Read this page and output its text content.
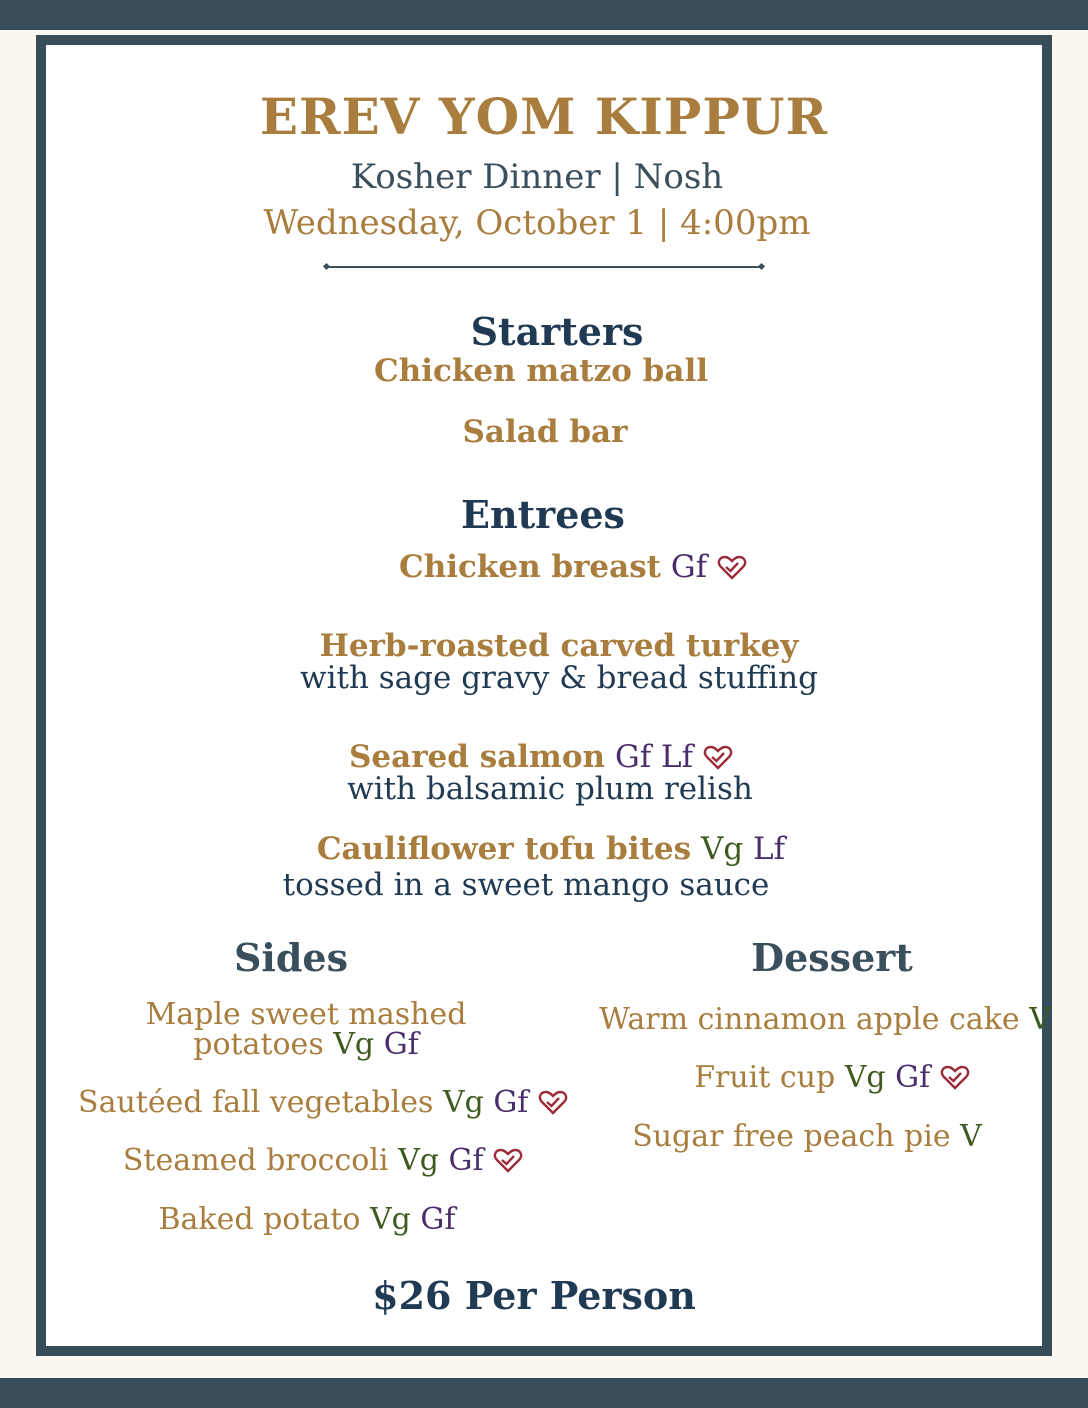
EREV YOM KIPPUR
Kosher Dinner | Nosh
Wednesday, October 1 | 4:00pm
Starters
Chicken matzo ball
Salad bar
Entrees
Chicken breast Gf
Herb-roasted carved turkey
with sage gravy & bread stuffing
Seared salmon Gf Lf
with balsamic plum relish
Cauliflower tofu bites Vg Lf
tossed in a sweet mango sauce
Sides
Maple sweet mashed
potatoes Vg Gf
Sautéed fall vegetables Vg Gf
Steamed broccoli Vg Gf
Baked potato Vg Gf
Dessert
Warm cinnamon apple cake V
Fruit cup Vg Gf
Sugar free peach pie V
$26 Per Person
